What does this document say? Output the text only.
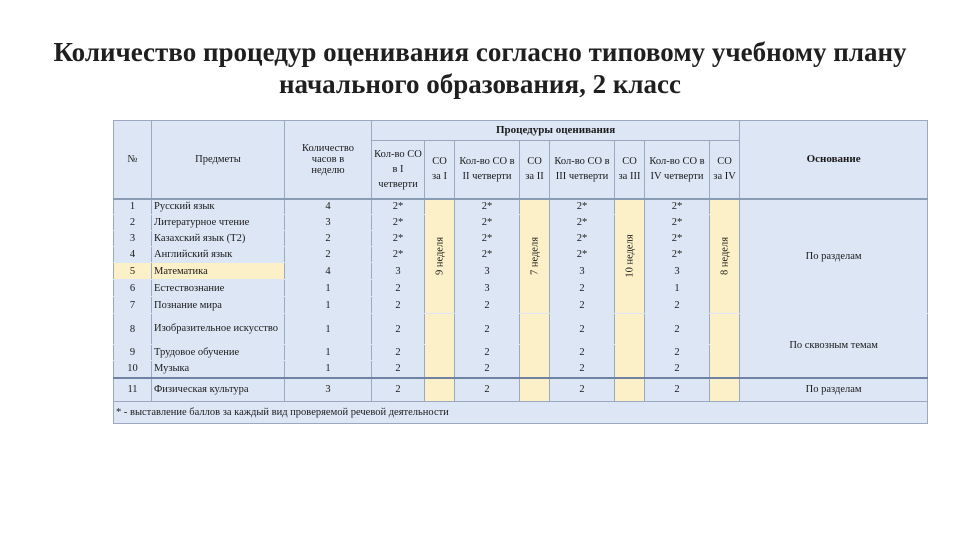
Количество процедур оценивания согласно типовому учебному плану начального образования, 2 класс
№	Предметы	Количество часов в неделю	Процедуры оценивания								Основание
			Кол-во СО в I четверти	СО за I	Кол-во СО в II четверти	СО за II	Кол-во СО в III четверти	СО за III	Кол-во СО в IV четверти	СО за IV	
1	Русский язык	4	2*	9 неделя	2*	7 неделя	2*	10 неделя	2*	8 неделя	По разделам
2	Литературное чтение	3	2*		2*		2*		2*		
3	Казахский язык (Т2)	2	2*		2*		2*		2*		
4	Английский язык	2	2*		2*		2*		2*		
5	Математика	4	3		3		3		3		
6	Естествознание	1	2		3		2		1		
7	Познание мира	1	2		2		2		2		
8	Изобразительное искусство	1	2		2		2		2		По сквозным темам
9	Трудовое обучение	1	2		2		2		2		
10	Музыка	1	2		2		2		2		
11	Физическая культура	3	2		2		2		2		По разделам
* - выставление баллов за каждый вид проверяемой речевой деятельности											
